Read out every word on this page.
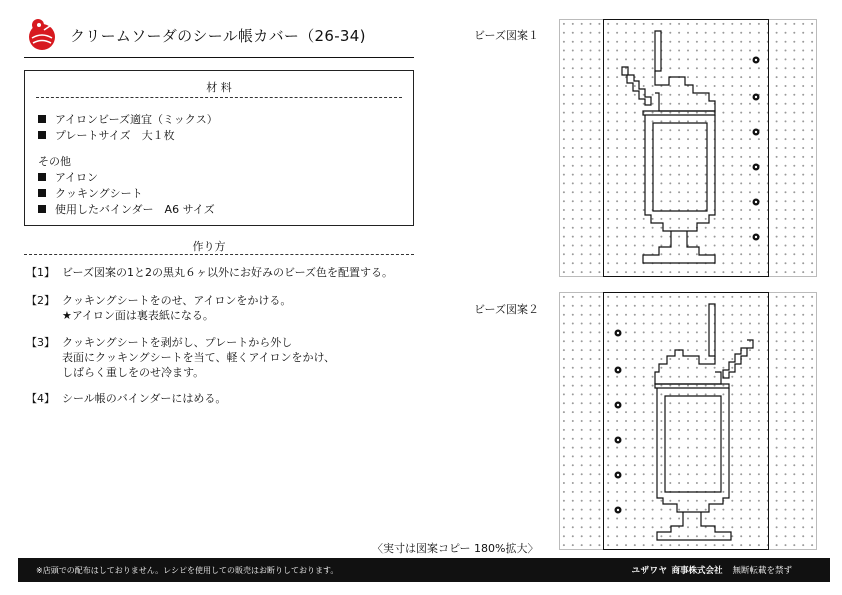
クリームソーダのシール帳カバー（26-34)
材 料
アイロンビーズ適宜（ミックス）
プレートサイズ　大１枚
その他
アイロン
クッキングシート
使用したバインダー　A6 サイズ
作り方
【1】 ビーズ図案の1と2の黒丸６ヶ以外にお好みのビーズ色を配置する。
【2】 クッキングシートをのせ、アイロンをかける。
★アイロン面は裏表紙になる。
【3】 クッキングシートを剥がし、プレートから外し
表面にクッキングシートを当て、軽くアイロンをかけ、
しばらく重しをのせ冷ます。
【4】 シール帳のバインダーにはめる。
ビーズ図案１
ビーズ図案２
〈実寸は図案コピー 180%拡大〉
※店頭での配布はしておりません。レシピを使用しての販売はお断りしております。	ユザワヤ 商事株式会社 無断転載を禁ず
